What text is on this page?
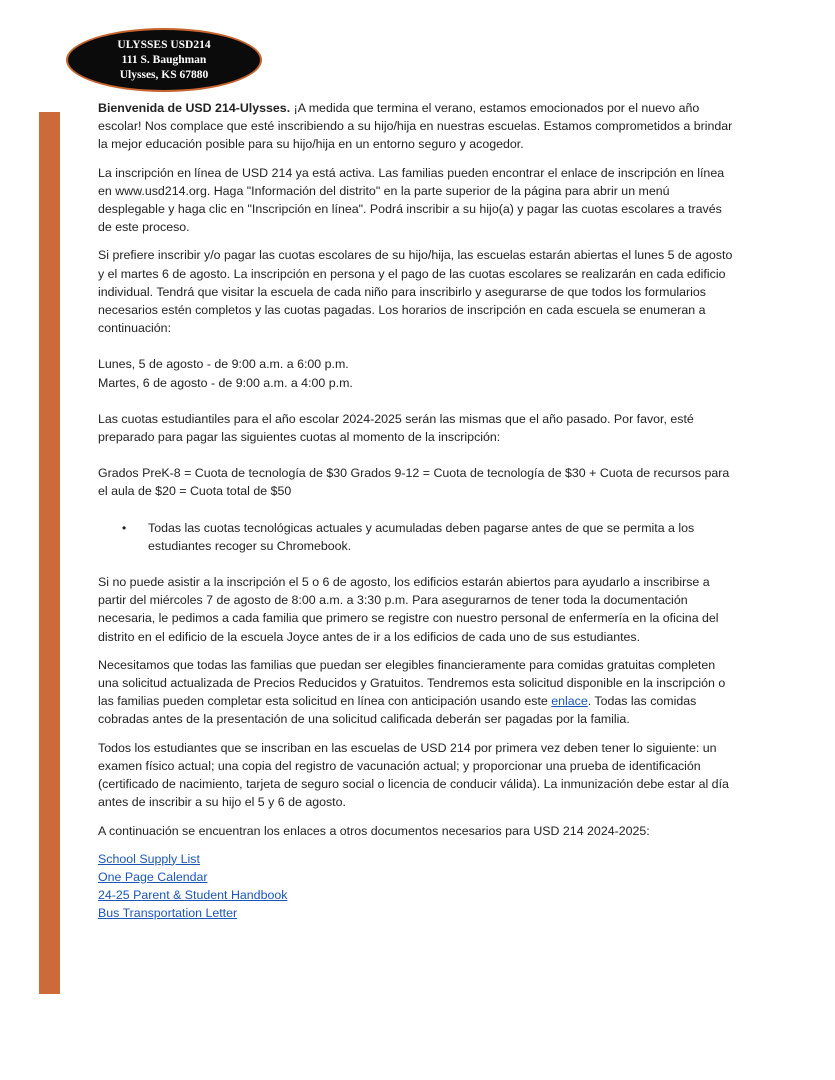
ULYSSES USD214
111 S. Baughman
Ulysses, KS 67880

Bienvenida de USD 214-Ulysses. ¡A medida que termina el verano, estamos emocionados por el nuevo año escolar! Nos complace que esté inscribiendo a su hijo/hija en nuestras escuelas. Estamos comprometidos a brindar la mejor educación posible para su hijo/hija en un entorno seguro y acogedor.

La inscripción en línea de USD 214 ya está activa. Las familias pueden encontrar el enlace de inscripción en línea en www.usd214.org. Haga "Información del distrito" en la parte superior de la página para abrir un menú desplegable y haga clic en "Inscripción en línea". Podrá inscribir a su hijo(a) y pagar las cuotas escolares a través de este proceso.

Si prefiere inscribir y/o pagar las cuotas escolares de su hijo/hija, las escuelas estarán abiertas el lunes 5 de agosto y el martes 6 de agosto. La inscripción en persona y el pago de las cuotas escolares se realizarán en cada edificio individual. Tendrá que visitar la escuela de cada niño para inscribirlo y asegurarse de que todos los formularios necesarios estén completos y las cuotas pagadas. Los horarios de inscripción en cada escuela se enumeran a continuación:

Lunes, 5 de agosto - de 9:00 a.m. a 6:00 p.m.

Martes, 6 de agosto - de 9:00 a.m. a 4:00 p.m.

Las cuotas estudiantiles para el año escolar 2024-2025 serán las mismas que el año pasado. Por favor, esté preparado para pagar las siguientes cuotas al momento de la inscripción:

Grados PreK-8 = Cuota de tecnología de $30 Grados 9-12 = Cuota de tecnología de $30 + Cuota de recursos para el aula de $20 = Cuota total de $50

• Todas las cuotas tecnológicas actuales y acumuladas deben pagarse antes de que se permita a los estudiantes recoger su Chromebook.

Si no puede asistir a la inscripción el 5 o 6 de agosto, los edificios estarán abiertos para ayudarlo a inscribirse a partir del miércoles 7 de agosto de 8:00 a.m. a 3:30 p.m. Para asegurarnos de tener toda la documentación necesaria, le pedimos a cada familia que primero se registre con nuestro personal de enfermería en la oficina del distrito en el edificio de la escuela Joyce antes de ir a los edificios de cada uno de sus estudiantes.

Necesitamos que todas las familias que puedan ser elegibles financieramente para comidas gratuitas completen una solicitud actualizada de Precios Reducidos y Gratuitos. Tendremos esta solicitud disponible en la inscripción o las familias pueden completar esta solicitud en línea con anticipación usando este enlace. Todas las comidas cobradas antes de la presentación de una solicitud calificada deberán ser pagadas por la familia.

Todos los estudiantes que se inscriban en las escuelas de USD 214 por primera vez deben tener lo siguiente: un examen físico actual; una copia del registro de vacunación actual; y proporcionar una prueba de identificación (certificado de nacimiento, tarjeta de seguro social o licencia de conducir válida). La inmunización debe estar al día antes de inscribir a su hijo el 5 y 6 de agosto.

A continuación se encuentran los enlaces a otros documentos necesarios para USD 214 2024-2025:

School Supply List
One Page Calendar
24-25 Parent & Student Handbook
Bus Transportation Letter
